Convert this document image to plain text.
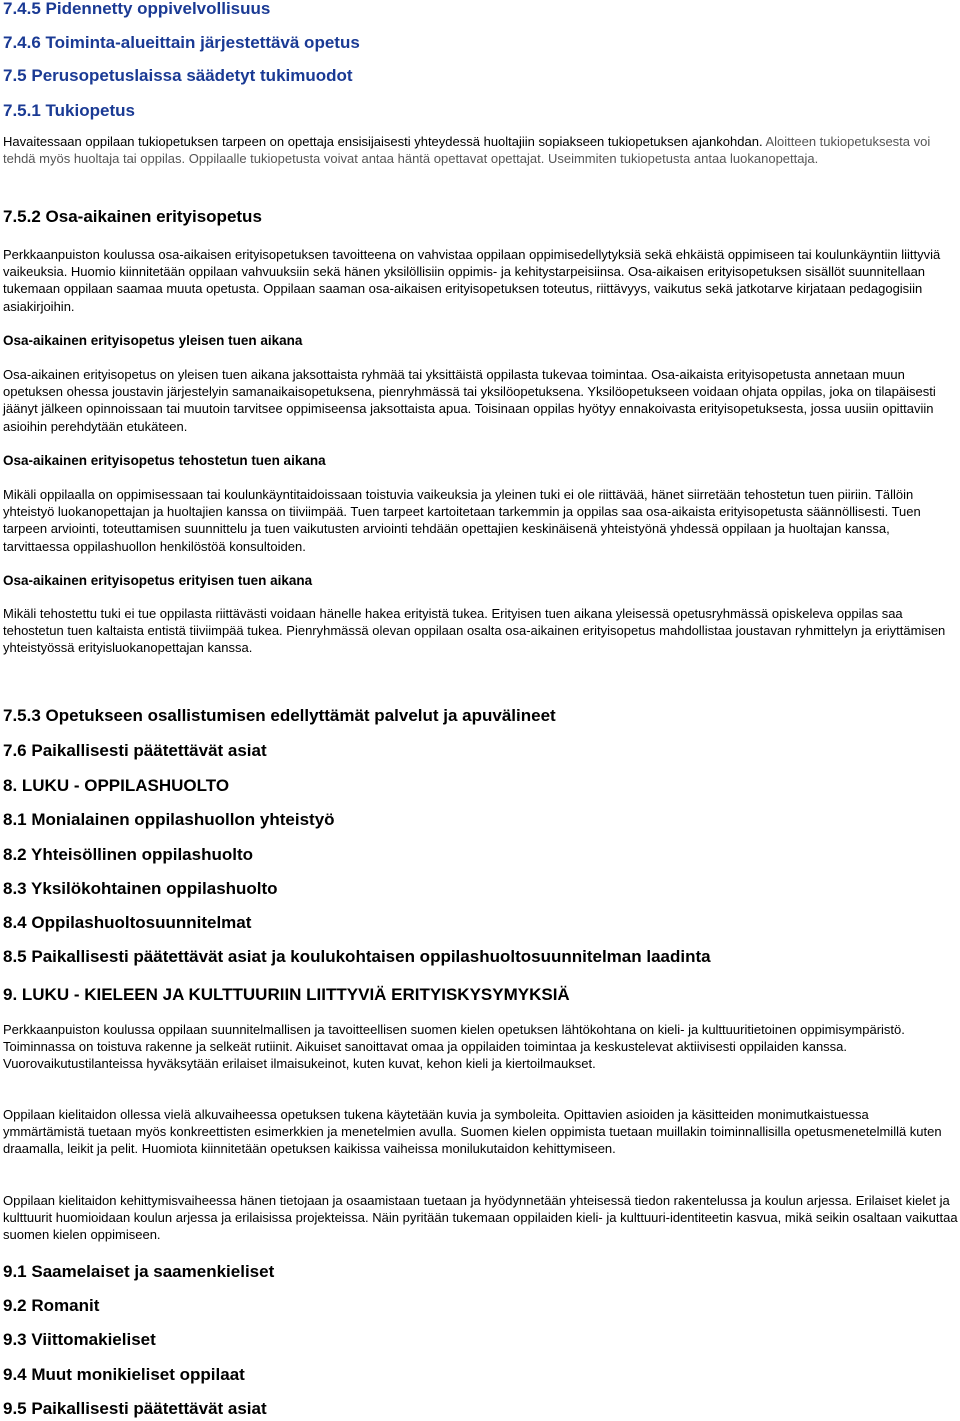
7.4.5 Pidennetty oppivelvollisuus
7.4.6 Toiminta-alueittain järjestettävä opetus
7.5 Perusopetuslaissa säädetyt tukimuodot
7.5.1 Tukiopetus

Havaitessaan oppilaan tukiopetuksen tarpeen on opettaja ensisijaisesti yhteydessä huoltajiin sopiakseen tukiopetuksen ajankohdan. Aloitteen tukiopetuksesta voi tehdä myös huoltaja tai oppilas. Oppilaalle tukiopetusta voivat antaa häntä opettavat opettajat. Useimmiten tukiopetusta antaa luokanopettaja.

7.5.2 Osa-aikainen erityisopetus

Perkkaanpuiston koulussa osa-aikaisen erityisopetuksen tavoitteena on vahvistaa oppilaan oppimisedellytyksiä sekä ehkäistä oppimiseen tai koulunkäyntiin liittyviä vaikeuksia. Huomio kiinnitetään oppilaan vahvuuksiin sekä hänen yksilöllisiin oppimis- ja kehitystarpeisiinsa. Osa-aikaisen erityisopetuksen sisällöt suunnitellaan tukemaan oppilaan saamaa muuta opetusta. Oppilaan saaman osa-aikaisen erityisopetuksen toteutus, riittävyys, vaikutus sekä jatkotarve kirjataan pedagogisiin asiakirjoihin.

Osa-aikainen erityisopetus yleisen tuen aikana

Osa-aikainen erityisopetus on yleisen tuen aikana jaksottaista ryhmää tai yksittäistä oppilasta tukevaa toimintaa. Osa-aikaista erityisopetusta annetaan muun opetuksen ohessa joustavin järjestelyin samanaikaisopetuksena, pienryhmässä tai yksilöopetuksena. Yksilöopetukseen voidaan ohjata oppilas, joka on tilapäisesti jäänyt jälkeen opinnoissaan tai muutoin tarvitsee oppimiseensa jaksottaista apua. Toisinaan oppilas hyötyy ennakoivasta erityisopetuksesta, jossa uusiin opittaviin asioihin perehdytään etukäteen.

Osa-aikainen erityisopetus tehostetun tuen aikana

Mikäli oppilaalla on oppimisessaan tai koulunkäyntitaidoissaan toistuvia vaikeuksia ja yleinen tuki ei ole riittävää, hänet siirretään tehostetun tuen piiriin. Tällöin yhteistyö luokanopettajan ja huoltajien kanssa on tiiviimpää. Tuen tarpeet kartoitetaan tarkemmin ja oppilas saa osa-aikaista erityisopetusta säännöllisesti. Tuen tarpeen arviointi, toteuttamisen suunnittelu ja tuen vaikutusten arviointi tehdään opettajien keskinäisenä yhteistyönä yhdessä oppilaan ja huoltajan kanssa, tarvittaessa oppilashuollon henkilöstöä konsultoiden.

Osa-aikainen erityisopetus erityisen tuen aikana

Mikäli tehostettu tuki ei tue oppilasta riittävästi voidaan hänelle hakea erityistä tukea. Erityisen tuen aikana yleisessä opetusryhmässä opiskeleva oppilas saa tehostetun tuen kaltaista entistä tiiviimpää tukea. Pienryhmässä olevan oppilaan osalta osa-aikainen erityisopetus mahdollistaa joustavan ryhmittelyn ja eriyttämisen yhteistyössä erityisluokanopettajan kanssa.

7.5.3 Opetukseen osallistumisen edellyttämät palvelut ja apuvälineet
7.6 Paikallisesti päätettävät asiat
8. LUKU - OPPILASHUOLTO
8.1 Monialainen oppilashuollon yhteistyö
8.2 Yhteisöllinen oppilashuolto
8.3 Yksilökohtainen oppilashuolto
8.4 Oppilashuoltosuunnitelmat
8.5 Paikallisesti päätettävät asiat ja koulukohtaisen oppilashuoltosuunnitelman laadinta
9. LUKU - KIELEEN JA KULTTUURIIN LIITTYVIÄ ERITYISKYSYMYKSIÄ

Perkkaanpuiston koulussa oppilaan suunnitelmallisen ja tavoitteellisen suomen kielen opetuksen lähtökohtana on kieli- ja kulttuuritietoinen oppimisympäristö. Toiminnassa on toistuva rakenne ja selkeät rutiinit. Aikuiset sanoittavat omaa ja oppilaiden toimintaa ja keskustelevat aktiivisesti oppilaiden kanssa. Vuorovaikutustilanteissa hyväksytään erilaiset ilmaisukeinot, kuten kuvat, kehon kieli ja kiertoilmaukset.

Oppilaan kielitaidon ollessa vielä alkuvaiheessa opetuksen tukena käytetään kuvia ja symboleita. Opittavien asioiden ja käsitteiden monimutkaistuessa ymmärtämistä tuetaan myös konkreettisten esimerkkien ja menetelmien avulla. Suomen kielen oppimista tuetaan muillakin toiminnallisilla opetusmenetelmillä kuten draamalla, leikit ja pelit. Huomiota kiinnitetään opetuksen kaikissa vaiheissa monilukutaidon kehittymiseen.

Oppilaan kielitaidon kehittymisvaiheessa hänen tietojaan ja osaamistaan tuetaan ja hyödynnetään yhteisessä tiedon rakentelussa ja koulun arjessa. Erilaiset kielet ja kulttuurit huomioidaan koulun arjessa ja erilaisissa projekteissa. Näin pyritään tukemaan oppilaiden kieli- ja kulttuuri-identiteetin kasvua, mikä seikin osaltaan vaikuttaa suomen kielen oppimiseen.

9.1 Saamelaiset ja saamenkieliset
9.2 Romanit
9.3 Viittomakieliset
9.4 Muut monikieliset oppilaat
9.5 Paikallisesti päätettävät asiat
